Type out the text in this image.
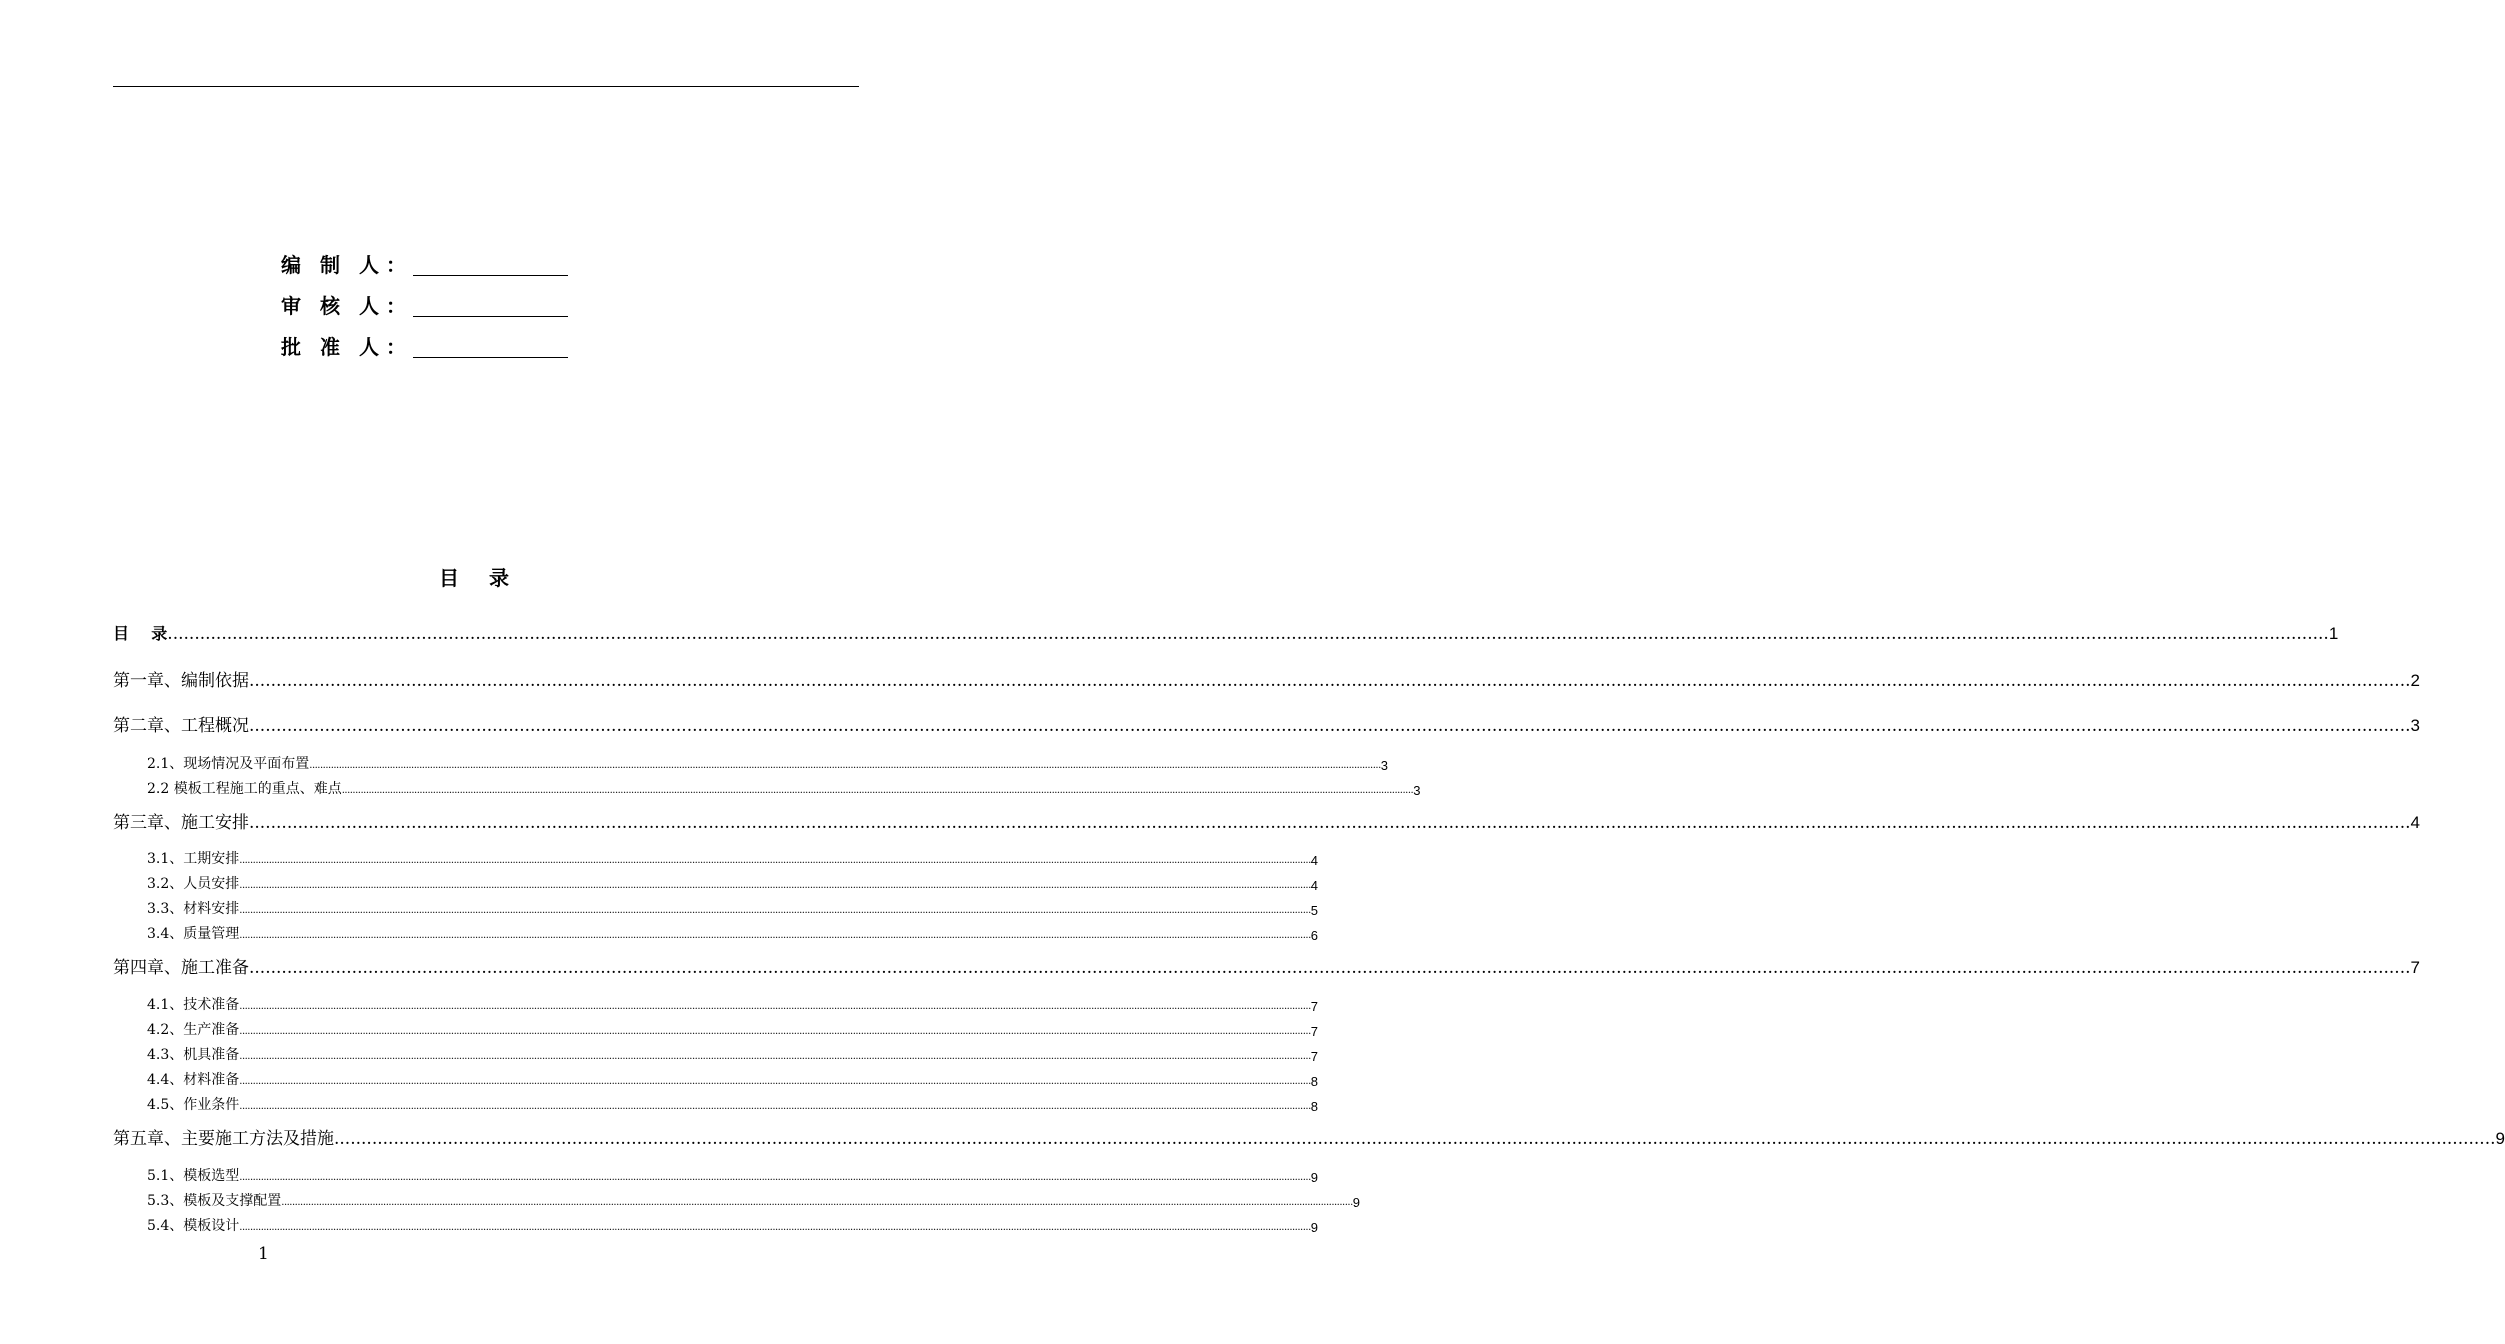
编 制 人 ：
审 核 人 ：
批 准 人 ：
目 录
目    录 ................................................................................................................................................................................................................................................................................................................................................................................................................ 1
第一章、编制依据 ................................................................................................................................................................................................................................................................................................................................................................................................................ 2
第二章、工程概况 ................................................................................................................................................................................................................................................................................................................................................................................................................ 3
2.1、现场情况及平面布置 ................................................................................................................................................................................................................................................................................................................................................................................................................ 3
2.2 模板工程施工的重点、难点 ................................................................................................................................................................................................................................................................................................................................................................................................................ 3
第三章、施工安排 ................................................................................................................................................................................................................................................................................................................................................................................................................ 4
3.1、工期安排 ................................................................................................................................................................................................................................................................................................................................................................................................................ 4
3.2、人员安排 ................................................................................................................................................................................................................................................................................................................................................................................................................ 4
3.3、材料安排 ................................................................................................................................................................................................................................................................................................................................................................................................................ 5
3.4、质量管理 ................................................................................................................................................................................................................................................................................................................................................................................................................ 6
第四章、施工准备 ................................................................................................................................................................................................................................................................................................................................................................................................................ 7
4.1、技术准备 ................................................................................................................................................................................................................................................................................................................................................................................................................ 7
4.2、生产准备 ................................................................................................................................................................................................................................................................................................................................................................................................................ 7
4.3、机具准备 ................................................................................................................................................................................................................................................................................................................................................................................................................ 7
4.4、材料准备 ................................................................................................................................................................................................................................................................................................................................................................................................................ 8
4.5、作业条件 ................................................................................................................................................................................................................................................................................................................................................................................................................ 8
第五章、主要施工方法及措施 ................................................................................................................................................................................................................................................................................................................................................................................................................ 9
5.1、模板选型 ................................................................................................................................................................................................................................................................................................................................................................................................................ 9
5.3、模板及支撑配置 ................................................................................................................................................................................................................................................................................................................................................................................................................ 9
5.4、模板设计 ................................................................................................................................................................................................................................................................................................................................................................................................................ 9
1
